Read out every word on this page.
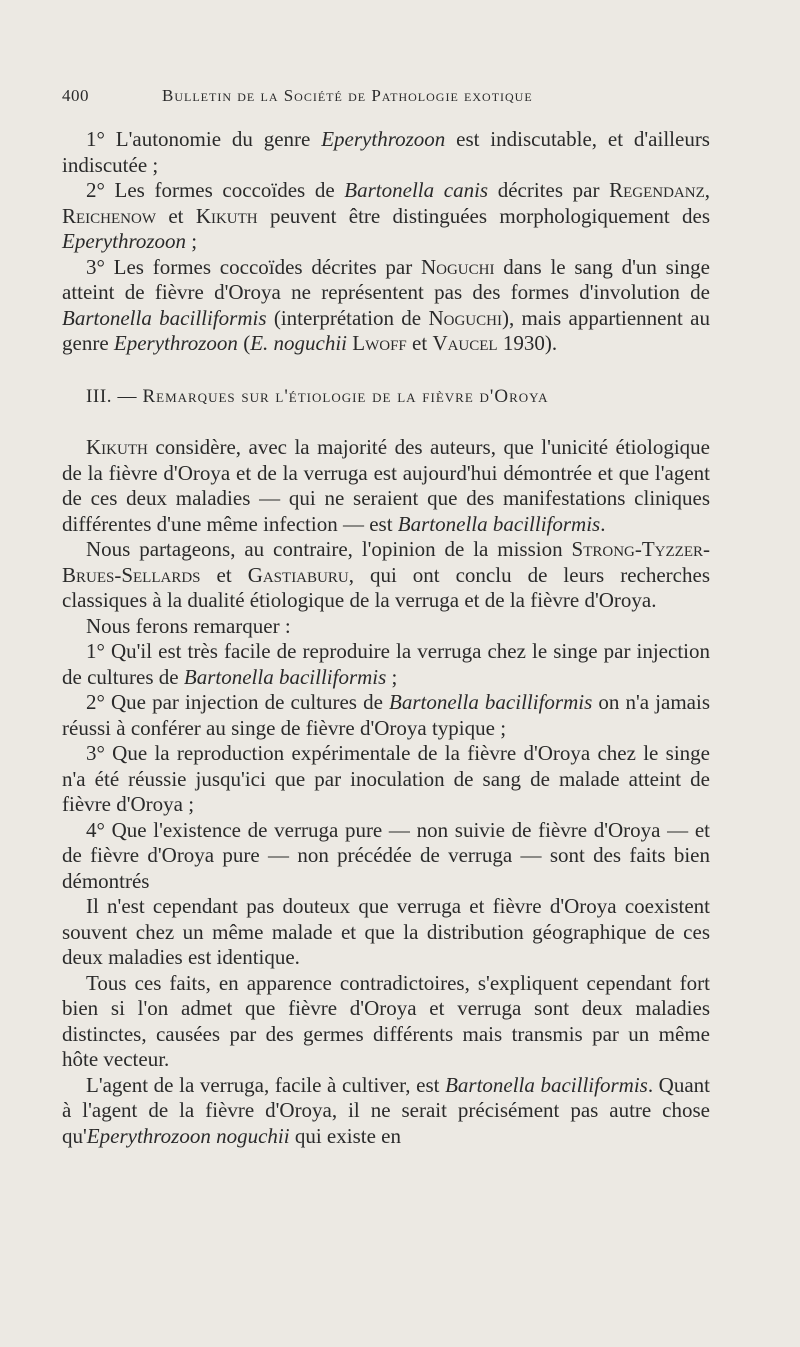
400	Bulletin de la Société de Pathologie exotique

1° L'autonomie du genre Eperythrozoon est indiscutable, et d'ailleurs indiscutée ;

2° Les formes coccoïdes de Bartonella canis décrites par Regendanz, Reichenow et Kikuth peuvent être distinguées morphologiquement des Eperythrozoon ;

3° Les formes coccoïdes décrites par Noguchi dans le sang d'un singe atteint de fièvre d'Oroya ne représentent pas des formes d'involution de Bartonella bacilliformis (interprétation de Noguchi), mais appartiennent au genre Eperythrozoon (E. noguchii Lwoff et Vaucel 1930).

III. — Remarques sur l'étiologie de la fièvre d'Oroya

Kikuth considère, avec la majorité des auteurs, que l'unicité étiologique de la fièvre d'Oroya et de la verruga est aujourd'hui démontrée et que l'agent de ces deux maladies — qui ne seraient que des manifestations cliniques différentes d'une même infection — est Bartonella bacilliformis.

Nous partageons, au contraire, l'opinion de la mission Strong-Tyzzer-Brues-Sellards et Gastiaburu, qui ont conclu de leurs recherches classiques à la dualité étiologique de la verruga et de la fièvre d'Oroya.

Nous ferons remarquer :

1° Qu'il est très facile de reproduire la verruga chez le singe par injection de cultures de Bartonella bacilliformis ;

2° Que par injection de cultures de Bartonella bacilliformis on n'a jamais réussi à conférer au singe de fièvre d'Oroya typique ;

3° Que la reproduction expérimentale de la fièvre d'Oroya chez le singe n'a été réussie jusqu'ici que par inoculation de sang de malade atteint de fièvre d'Oroya ;

4° Que l'existence de verruga pure — non suivie de fièvre d'Oroya — et de fièvre d'Oroya pure — non précédée de verruga — sont des faits bien démontrés

Il n'est cependant pas douteux que verruga et fièvre d'Oroya coexistent souvent chez un même malade et que la distribution géographique de ces deux maladies est identique.

Tous ces faits, en apparence contradictoires, s'expliquent cependant fort bien si l'on admet que fièvre d'Oroya et verruga sont deux maladies distinctes, causées par des germes différents mais transmis par un même hôte vecteur.

L'agent de la verruga, facile à cultiver, est Bartonella bacilliformis. Quant à l'agent de la fièvre d'Oroya, il ne serait précisément pas autre chose qu'Eperythrozoon noguchii qui existe en
